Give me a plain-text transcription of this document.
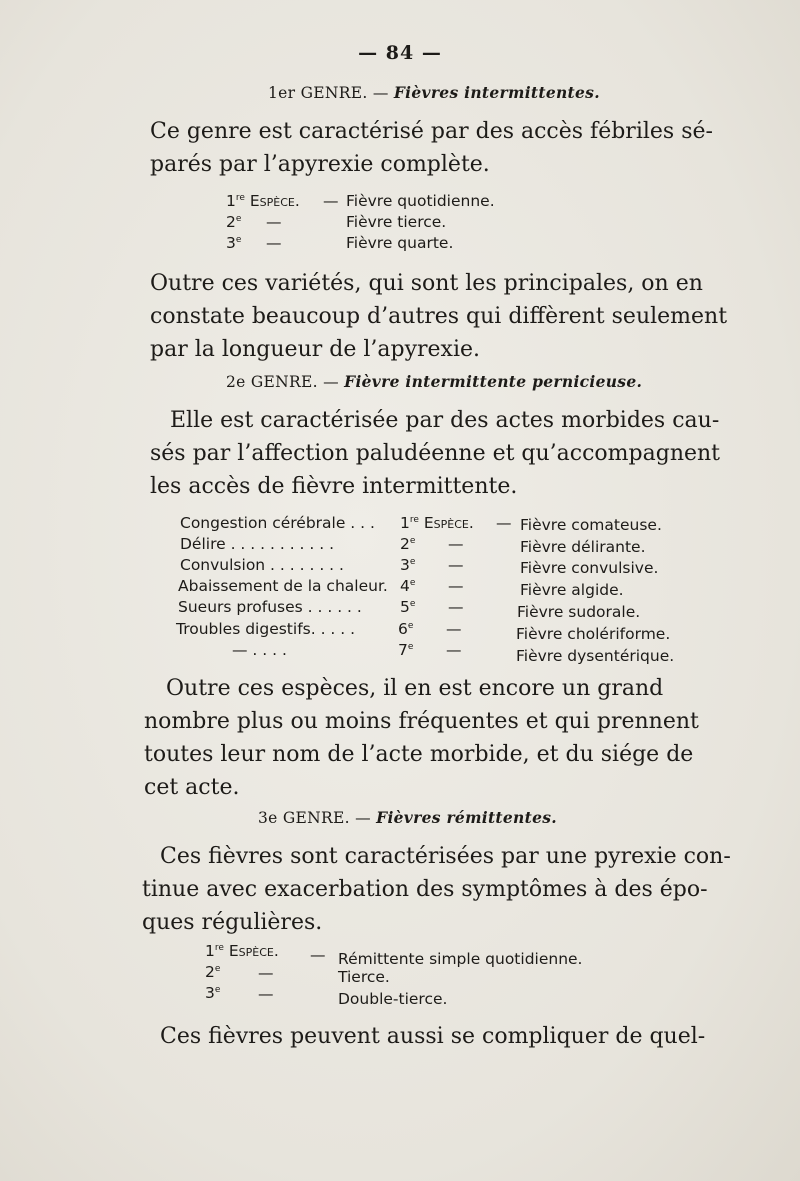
— 84 —
1er GENRE. — Fièvres intermittentes.
Ce genre est caractérisé par des accès fébriles sé-
parés par l’apyrexie complète.
1re Espèce. — Fièvre quotidienne.
2e —	Fièvre tierce.
3e —	Fièvre quarte.
Outre ces variétés, qui sont les principales, on en
constate beaucoup d’autres qui diffèrent seulement
par la longueur de l’apyrexie.
2e GENRE. — Fièvre intermittente pernicieuse.
Elle est caractérisée par des actes morbides cau-
sés par l’affection paludéenne et qu’accompagnent
les accès de fièvre intermittente.
Congestion cérébrale . . . 1re Espèce. — Fièvre comateuse.
Délire . . . . . . . . . . .	2e —	Fièvre délirante.
Convulsion . . . . . . . .	3e —	Fièvre convulsive.
Abaissement de la chaleur. 4e —	Fièvre algide.
Sueurs profuses . . . . . . 5e —	Fièvre sudorale.
Troubles digestifs. . . . .	6e —	Fièvre cholériforme.
— . . . .	7e —	Fièvre dysentérique.
Outre ces espèces, il en est encore un grand
nombre plus ou moins fréquentes et qui prennent
toutes leur nom de l’acte morbide, et du siége de
cet acte.
3e GENRE. — Fièvres rémittentes.
Ces fièvres sont caractérisées par une pyrexie con-
tinue avec exacerbation des symptômes à des épo-
ques régulières.
1re Espèce. — Rémittente simple quotidienne.
2e —	Tierce.
3e —	Double-tierce.
Ces fièvres peuvent aussi se compliquer de quel-
